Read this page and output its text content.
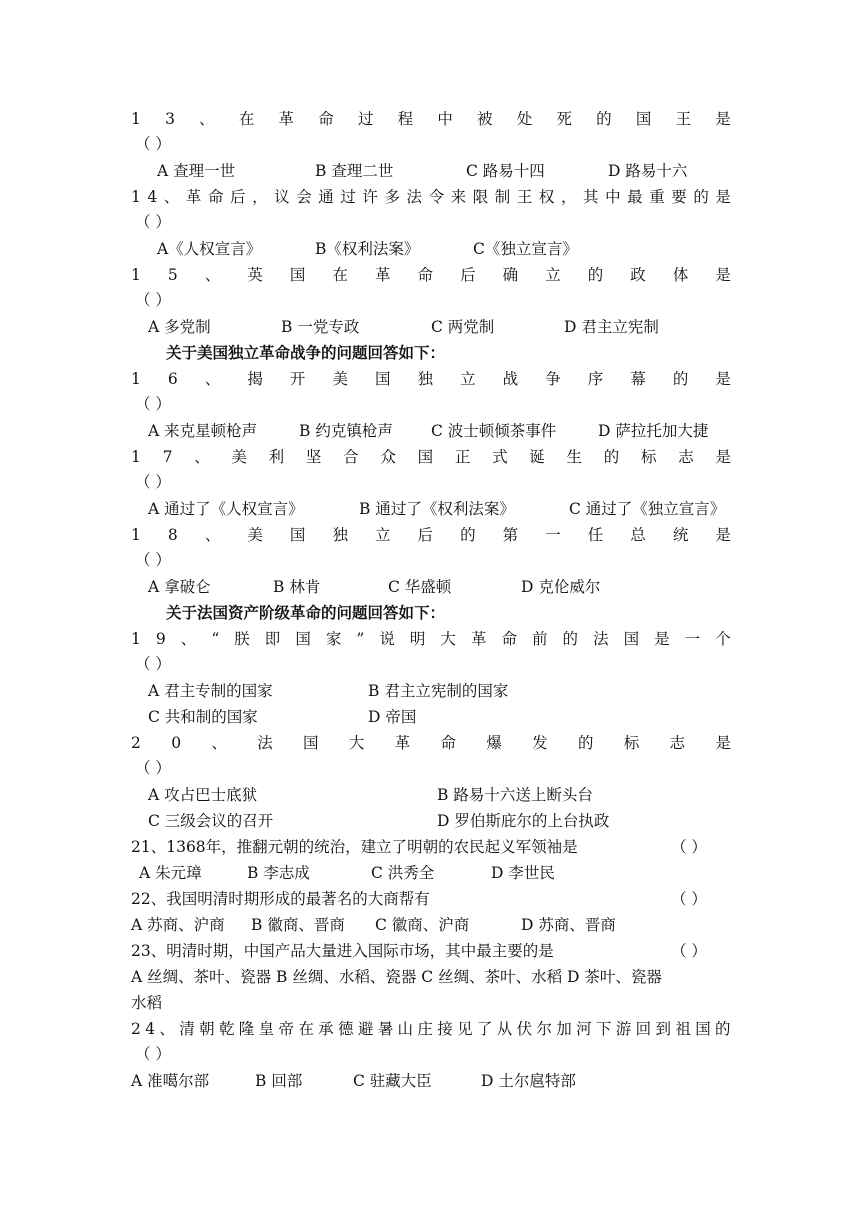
1 3 、 在 革 命 过 程 中 被 处 死 的 国 王 是
（ ）
A 查理一世	B 查理二世	C 路易十四	D 路易十六
1 4 、 革 命 后 ， 议 会 通 过 许 多 法 令 来 限 制 王 权 ， 其 中 最 重 要 的 是
（ ）
A《人权宣言》	B《权利法案》	C《独立宣言》
1 5 、 英 国 在 革 命 后 确 立 的 政 体 是
（ ）
A 多党制	B 一党专政	C 两党制	D 君主立宪制
关于美国独立革命战争的问题回答如下：
1 6 、 揭 开 美 国 独 立 战 争 序 幕 的 是
（ ）
A 来克星顿枪声	B 约克镇枪声 C 波士顿倾茶事件	D 萨拉托加大捷
1 7 、 美 利 坚 合 众 国 正 式 诞 生 的 标 志 是
（ ）
A 通过了《人权宣言》	B 通过了《权利法案》	C 通过了《独立宣言》
1 8 、 美 国 独 立 后 的 第 一 任 总 统 是
（ ）
A 拿破仑	B 林肯	C 华盛顿	D 克伦威尔
关于法国资产阶级革命的问题回答如下：
1 9 、 “ 朕 即 国 家 ” 说 明 大 革 命 前 的 法 国 是 一 个
（ ）
A 君主专制的国家	B 君主立宪制的国家
C 共和制的国家	D 帝国
2 0 、 法 国 大 革 命 爆 发 的 标 志 是
（ ）
A 攻占巴士底狱	B 路易十六送上断头台
C 三级会议的召开	D 罗伯斯庇尔的上台执政
21、1368年，推翻元朝的统治，建立了明朝的农民起义军领袖是	（ ）
A 朱元璋	B 李志成	C 洪秀全	D 李世民
22、我国明清时期形成的最著名的大商帮有	（ ）
A 苏商、沪商 B 徽商、晋商 C 徽商、沪商	D 苏商、晋商
23、明清时期，中国产品大量进入国际市场，其中最主要的是	（ ）
A 丝绸、茶叶、瓷器 B 丝绸、水稻、瓷器 C 丝绸、茶叶、水稻 D 茶叶、瓷器
水稻
2 4 、 清 朝 乾 隆 皇 帝 在 承 德 避 暑 山 庄 接 见 了 从 伏 尔 加 河 下 游 回 到 祖 国 的
（ ）
A 准噶尔部	B 回部	C 驻藏大臣	D 土尔扈特部
